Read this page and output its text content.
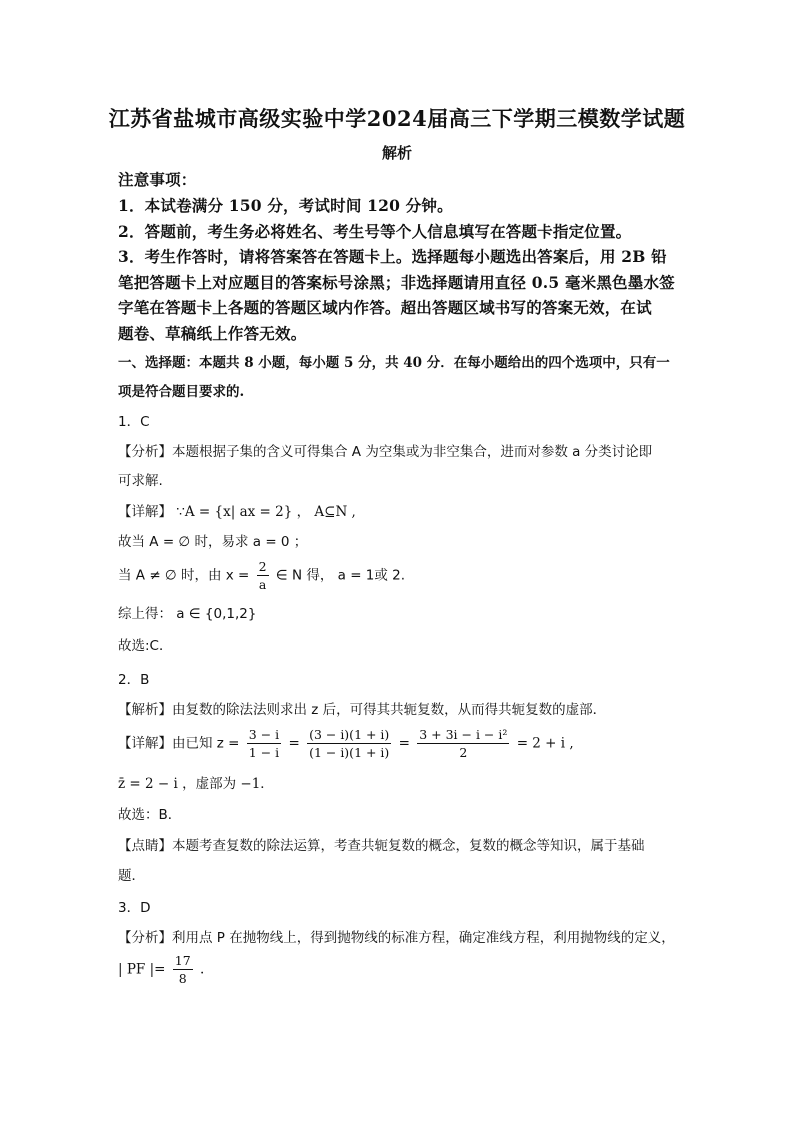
江苏省盐城市高级实验中学2024届高三下学期三模数学试题
解析
注意事项：
1．本试卷满分 150 分，考试时间 120 分钟。
2．答题前，考生务必将姓名、考生号等个人信息填写在答题卡指定位置。
3．考生作答时，请将答案答在答题卡上。选择题每小题选出答案后，用 2B 铅
笔把答题卡上对应题目的答案标号涂黑；非选择题请用直径 0.5 毫米黑色墨水签
字笔在答题卡上各题的答题区域内作答。超出答题区域书写的答案无效，在试
题卷、草稿纸上作答无效。
一、选择题：本题共 8 小题，每小题 5 分，共 40 分．在每小题给出的四个选项中，只有一
项是符合题目要求的.
1．C
【分析】本题根据子集的含义可得集合 A 为空集或为非空集合，进而对参数 a 分类讨论即
可求解.
【详解】 ∵A = {x| ax = 2} ， A⊆N ,
故当 A = ∅ 时，易求 a = 0 ；
当 A ≠ ∅ 时，由 $x = \frac{2}{a}$ ∈ N 得， a = 1或 2.
综上得： a ∈ {0,1,2}
故选:C．
2．B
【解析】由复数的除法法则求出 z 后，可得其共轭复数，从而得共轭复数的虚部．
【详解】由已知 $z = \frac{3 - i}{1 - i} = \frac{(3 - i)(1 + i)}{(1 - i)(1 + i)} = \frac{\text{3 + 3i − i − i²}}{2} = 2 + i$ ,
z̄ = 2 − i ，虚部为 −1．
故选：B．
【点睛】本题考查复数的除法运算，考查共轭复数的概念，复数的概念等知识，属于基础
题．
3．D
【分析】利用点 P 在抛物线上，得到抛物线的标准方程，确定准线方程，利用抛物线的定义，
| PF |= $\frac{17}{8}$ .
